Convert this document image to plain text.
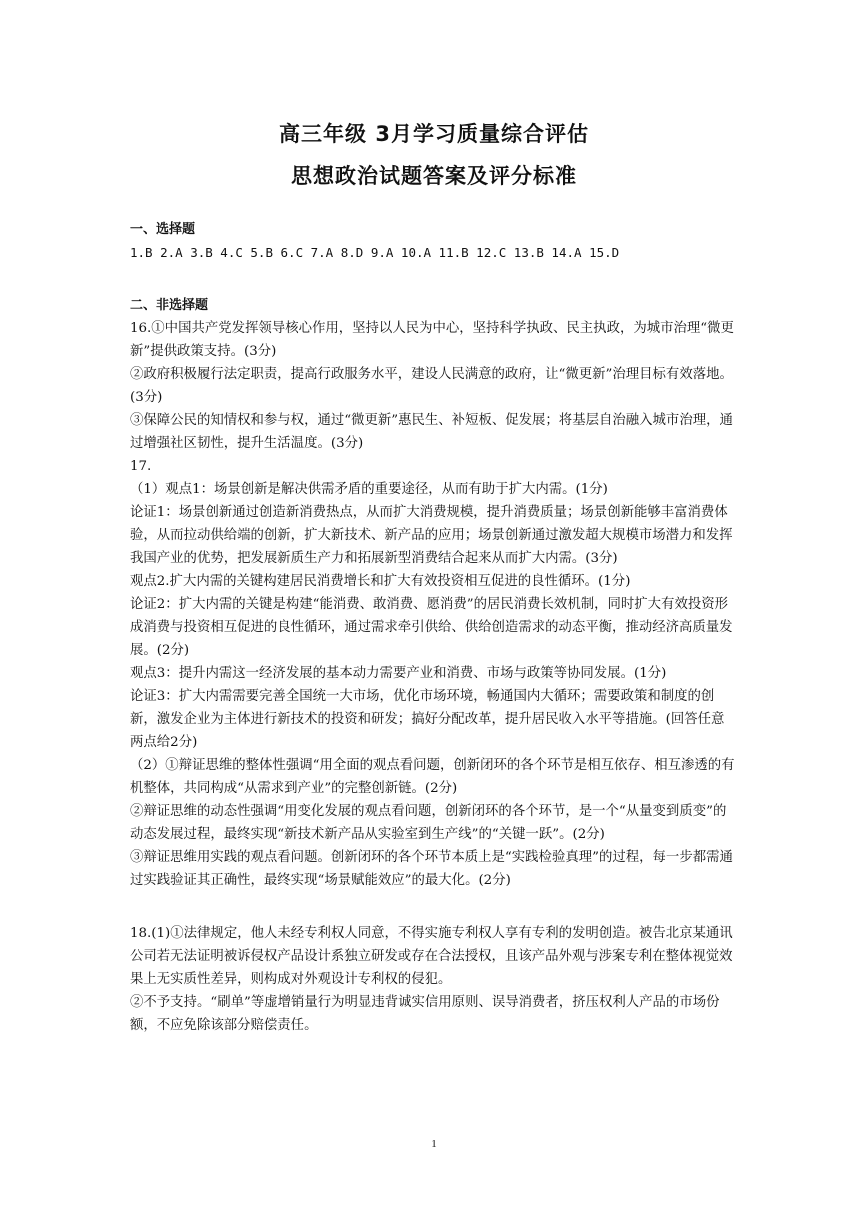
高三年级 3月学习质量综合评估
思想政治试题答案及评分标准

一、选择题

1.B 2.A 3.B 4.C 5.B 6.C 7.A 8.D 9.A 10.A 11.B 12.C 13.B 14.A 15.D

二、非选择题

16.①中国共产党发挥领导核心作用，坚持以人民为中心，坚持科学执政、民主执政，为城市治理“微更新”提供政策支持。(3分)

②政府积极履行法定职责，提高行政服务水平，建设人民满意的政府，让“微更新”治理目标有效落地。(3分)

③保障公民的知情权和参与权，通过“微更新”惠民生、补短板、促发展；将基层自治融入城市治理，通过增强社区韧性，提升生活温度。(3分)

17.

（1）观点1：场景创新是解决供需矛盾的重要途径，从而有助于扩大内需。(1分)

论证1：场景创新通过创造新消费热点，从而扩大消费规模，提升消费质量；场景创新能够丰富消费体验，从而拉动供给端的创新，扩大新技术、新产品的应用；场景创新通过激发超大规模市场潜力和发挥我国产业的优势，把发展新质生产力和拓展新型消费结合起来从而扩大内需。(3分)

观点2.扩大内需的关键构建居民消费增长和扩大有效投资相互促进的良性循环。(1分)

论证2：扩大内需的关键是构建“能消费、敢消费、愿消费”的居民消费长效机制，同时扩大有效投资形成消费与投资相互促进的良性循环，通过需求牵引供给、供给创造需求的动态平衡，推动经济高质量发展。(2分)

观点3：提升内需这一经济发展的基本动力需要产业和消费、市场与政策等协同发展。(1分)

论证3：扩大内需需要完善全国统一大市场，优化市场环境，畅通国内大循环；需要政策和制度的创新，激发企业为主体进行新技术的投资和研发；搞好分配改革，提升居民收入水平等措施。(回答任意两点给2分)

（2）①辩证思维的整体性强调“用全面的观点看问题，创新闭环的各个环节是相互依存、相互渗透的有机整体，共同构成“从需求到产业”的完整创新链。(2分)

②辩证思维的动态性强调“用变化发展的观点看问题，创新闭环的各个环节，是一个“从量变到质变”的动态发展过程，最终实现“新技术新产品从实验室到生产线”的“关键一跃”。(2分)

③辩证思维用实践的观点看问题。创新闭环的各个环节本质上是“实践检验真理”的过程，每一步都需通过实践验证其正确性，最终实现“场景赋能效应”的最大化。(2分)

18.(1)①法律规定，他人未经专利权人同意，不得实施专利权人享有专利的发明创造。被告北京某通讯公司若无法证明被诉侵权产品设计系独立研发或存在合法授权，且该产品外观与涉案专利在整体视觉效果上无实质性差异，则构成对外观设计专利权的侵犯。

②不予支持。“刷单”等虚增销量行为明显违背诚实信用原则、误导消费者，挤压权利人产品的市场份额，不应免除该部分赔偿责任。

1
